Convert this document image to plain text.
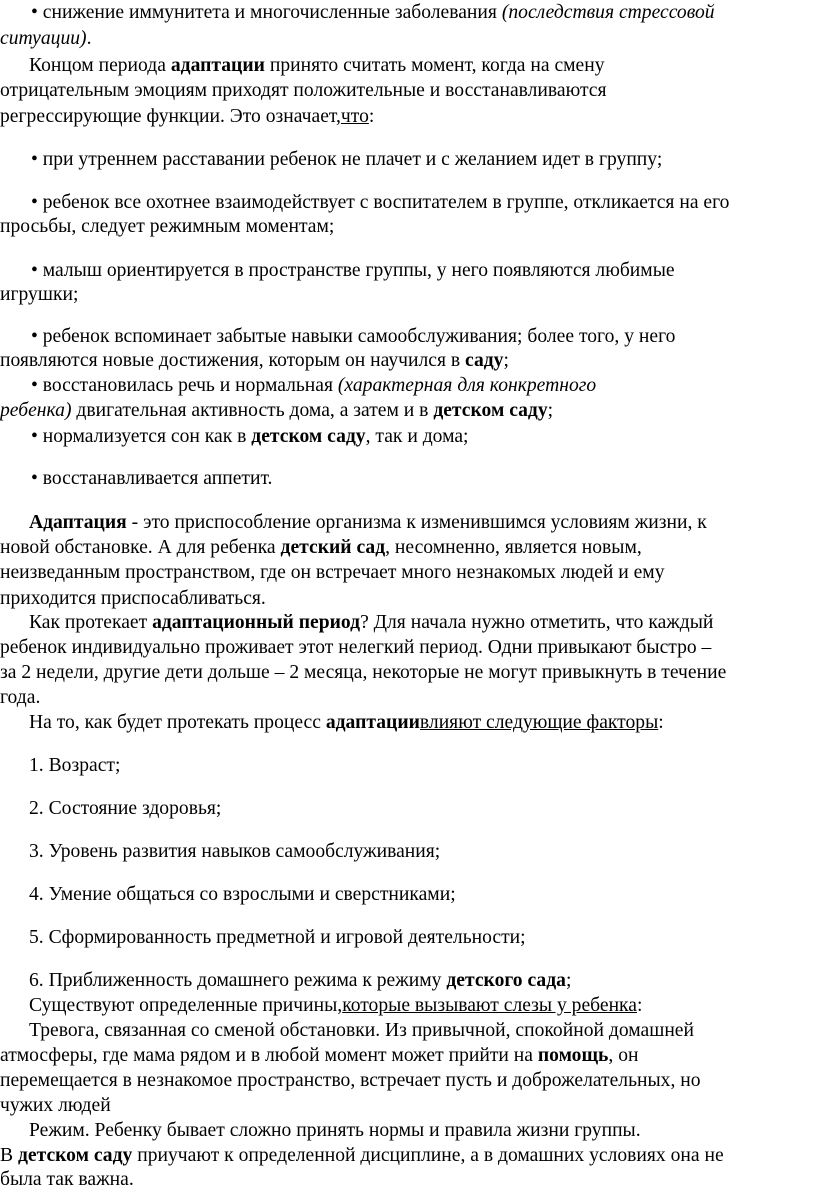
• снижение иммунитета и многочисленные заболевания (последствия стрессовой
ситуации).
Концом периода адаптации принято считать момент, когда на смену
отрицательным эмоциям приходят положительные и восстанавливаются
регрессирующие функции. Это означает,что:
• при утреннем расставании ребенок не плачет и с желанием идет в группу;
• ребенок все охотнее взаимодействует с воспитателем в группе, откликается на его
просьбы, следует режимным моментам;
• малыш ориентируется в пространстве группы, у него появляются любимые
игрушки;
• ребенок вспоминает забытые навыки самообслуживания; более того, у него
появляются новые достижения, которым он научился в саду;
• восстановилась речь и нормальная (характерная для конкретного
ребенка) двигательная активность дома, а затем и в детском саду;
• нормализуется сон как в детском саду, так и дома;
• восстанавливается аппетит.
Адаптация - это приспособление организма к изменившимся условиям жизни, к
новой обстановке. А для ребенка детский сад, несомненно, является новым,
неизведанным пространством, где он встречает много незнакомых людей и ему
приходится приспосабливаться.
Как протекает адаптационный период? Для начала нужно отметить, что каждый
ребенок индивидуально проживает этот нелегкий период. Одни привыкают быстро –
за 2 недели, другие дети дольше – 2 месяца, некоторые не могут привыкнуть в течение
года.
На то, как будет протекать процесс адаптациивлияют следующие факторы:
1. Возраст;
2. Состояние здоровья;
3. Уровень развития навыков самообслуживания;
4. Умение общаться со взрослыми и сверстниками;
5. Сформированность предметной и игровой деятельности;
6. Приближенность домашнего режима к режиму детского сада;
Существуют определенные причины,которые вызывают слезы у ребенка:
Тревога, связанная со сменой обстановки. Из привычной, спокойной домашней
атмосферы, где мама рядом и в любой момент может прийти на помощь, он
перемещается в незнакомое пространство, встречает пусть и доброжелательных, но
чужих людей
Режим. Ребенку бывает сложно принять нормы и правила жизни группы.
В детском саду приучают к определенной дисциплине, а в домашних условиях она не
была так важна.
